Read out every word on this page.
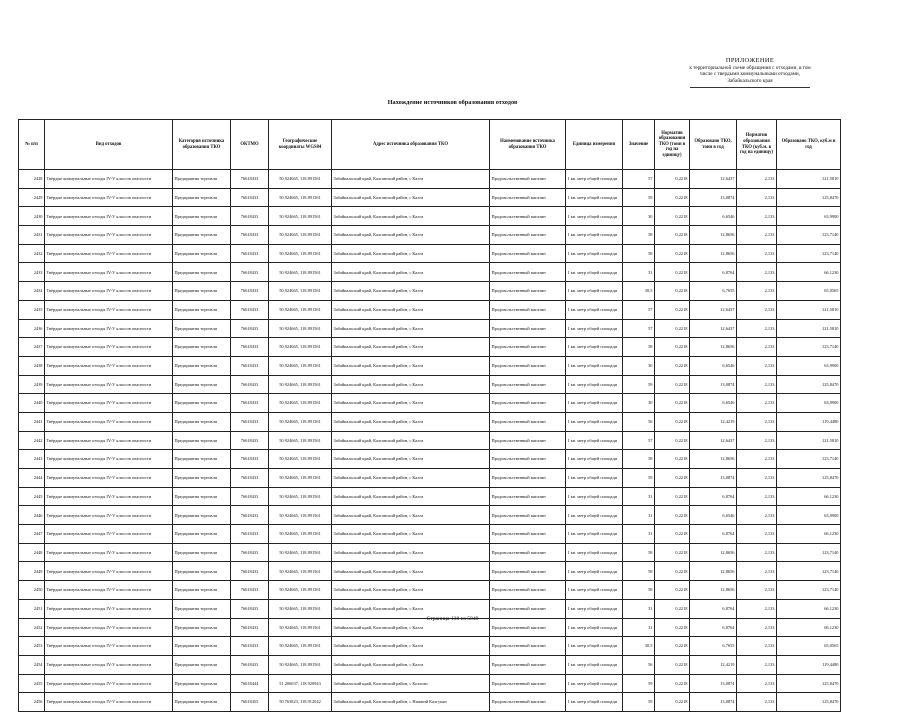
ПРИЛОЖЕНИЕ
к территориальной схеме обращения с отходами, в том
числе с твердыми коммунальными отходами,
Забайкальского края
Нахождение источников образования отходов
№ п/п	Вид отходов	Категория источника образования ТКО	ОКТМО	Географические координаты WGS84	Адрес источника образования ТКО	Наименование источника образования ТКО	Единица измерения	Значение	Норматив образования ТКО (тонн в год на единицу)	Образовано ТКО, тонн в год	Норматив образования ТКО (куб.м. в год на единицу)	Образовано ТКО, куб.м в год
2428	Твёрдые коммунальные отходы IV-V классов опасности	Предприятия торговли	76618433	50.924665, 118.891561	Забайкальский край, Калганский район, с Калга	Продовольственный магазин	1 кв. метр общей площади	57	0,2218	12,6437	2,133	121,5810
2429	Твёрдые коммунальные отходы IV-V классов опасности	Предприятия торговли	76618433	50.924665, 118.891561	Забайкальский край, Калганский район, с Калга	Продовольственный магазин	1 кв. метр общей площади	59	0,2218	13,0874	2,133	125,8470
2430	Твёрдые коммунальные отходы IV-V классов опасности	Предприятия торговли	76618433	50.924665, 118.891561	Забайкальский край, Калганский район, с Калга	Продовольственный магазин	1 кв. метр общей площади	30	0,2218	6,6546	2,133	63,9900
2431	Твёрдые коммунальные отходы IV-V классов опасности	Предприятия торговли	76618433	50.924665, 118.891561	Забайкальский край, Калганский район, с Калга	Продовольственный магазин	1 кв. метр общей площади	58	0,2218	12,8656	2,133	123,7140
2432	Твёрдые коммунальные отходы IV-V классов опасности	Предприятия торговли	76618433	50.924665, 118.891561	Забайкальский край, Калганский район, с Калга	Продовольственный магазин	1 кв. метр общей площади	58	0,2218	12,8656	2,133	123,7140
2433	Твёрдые коммунальные отходы IV-V классов опасности	Предприятия торговли	76618433	50.924665, 118.891561	Забайкальский край, Калганский район, с Калга	Продовольственный магазин	1 кв. метр общей площади	31	0,2218	6,8764	2,133	66,1230
2434	Твёрдые коммунальные отходы IV-V классов опасности	Предприятия торговли	76618433	50.924665, 118.891561	Забайкальский край, Калганский район, с Калга	Продовольственный магазин	1 кв. метр общей площади	30,5	0,2218	6,7655	2,133	65,0565
2435	Твёрдые коммунальные отходы IV-V классов опасности	Предприятия торговли	76618433	50.924665, 118.891561	Забайкальский край, Калганский район, с Калга	Продовольственный магазин	1 кв. метр общей площади	57	0,2218	12,6437	2,133	121,5810
2436	Твёрдые коммунальные отходы IV-V классов опасности	Предприятия торговли	76618433	50.924665, 118.891561	Забайкальский край, Калганский район, с Калга	Продовольственный магазин	1 кв. метр общей площади	57	0,2218	12,6437	2,133	121,5810
2437	Твёрдые коммунальные отходы IV-V классов опасности	Предприятия торговли	76618433	50.924665, 118.891561	Забайкальский край, Калганский район, с Калга	Продовольственный магазин	1 кв. метр общей площади	58	0,2218	12,8656	2,133	123,7140
2438	Твёрдые коммунальные отходы IV-V классов опасности	Предприятия торговли	76618433	50.924665, 118.891561	Забайкальский край, Калганский район, с Калга	Продовольственный магазин	1 кв. метр общей площади	30	0,2218	6,6546	2,133	63,9900
2439	Твёрдые коммунальные отходы IV-V классов опасности	Предприятия торговли	76618433	50.924665, 118.891561	Забайкальский край, Калганский район, с Калга	Продовольственный магазин	1 кв. метр общей площади	59	0,2218	13,0874	2,133	125,8470
2440	Твёрдые коммунальные отходы IV-V классов опасности	Предприятия торговли	76618433	50.924665, 118.891561	Забайкальский край, Калганский район, с Калга	Продовольственный магазин	1 кв. метр общей площади	30	0,2218	6,6546	2,133	63,9900
2441	Твёрдые коммунальные отходы IV-V классов опасности	Предприятия торговли	76618433	50.924665, 118.891561	Забайкальский край, Калганский район, с Калга	Продовольственный магазин	1 кв. метр общей площади	56	0,2218	12,4219	2,133	119,4480
2442	Твёрдые коммунальные отходы IV-V классов опасности	Предприятия торговли	76618433	50.924665, 118.891561	Забайкальский край, Калганский район, с Калга	Продовольственный магазин	1 кв. метр общей площади	57	0,2218	12,6437	2,133	121,5810
2443	Твёрдые коммунальные отходы IV-V классов опасности	Предприятия торговли	76618433	50.924665, 118.891561	Забайкальский край, Калганский район, с Калга	Продовольственный магазин	1 кв. метр общей площади	58	0,2218	12,8656	2,133	123,7140
2444	Твёрдые коммунальные отходы IV-V классов опасности	Предприятия торговли	76618433	50.924665, 118.891561	Забайкальский край, Калганский район, с Калга	Продовольственный магазин	1 кв. метр общей площади	59	0,2218	13,0874	2,133	125,8470
2445	Твёрдые коммунальные отходы IV-V классов опасности	Предприятия торговли	76618433	50.924665, 118.891561	Забайкальский край, Калганский район, с Калга	Продовольственный магазин	1 кв. метр общей площади	31	0,2218	6,8764	2,133	66,1230
2446	Твёрдые коммунальные отходы IV-V классов опасности	Предприятия торговли	76618433	50.924665, 118.891561	Забайкальский край, Калганский район, с Калга	Продовольственный магазин	1 кв. метр общей площади	31	0,2218	6,6546	2,133	63,9900
2447	Твёрдые коммунальные отходы IV-V классов опасности	Предприятия торговли	76618433	50.924665, 118.891561	Забайкальский край, Калганский район, с Калга	Продовольственный магазин	1 кв. метр общей площади	31	0,2218	6,8764	2,133	66,1230
2448	Твёрдые коммунальные отходы IV-V классов опасности	Предприятия торговли	76618433	50.924665, 118.891561	Забайкальский край, Калганский район, с Калга	Продовольственный магазин	1 кв. метр общей площади	58	0,2218	12,8656	2,133	123,7140
2449	Твёрдые коммунальные отходы IV-V классов опасности	Предприятия торговли	76618433	50.924665, 118.891561	Забайкальский край, Калганский район, с Калга	Продовольственный магазин	1 кв. метр общей площади	58	0,2218	12,8656	2,133	123,7140
2450	Твёрдые коммунальные отходы IV-V классов опасности	Предприятия торговли	76618433	50.924665, 118.891561	Забайкальский край, Калганский район, с Калга	Продовольственный магазин	1 кв. метр общей площади	58	0,2218	12,8656	2,133	123,7140
2451	Твёрдые коммунальные отходы IV-V классов опасности	Предприятия торговли	76618433	50.924665, 118.891561	Забайкальский край, Калганский район, с Калга	Продовольственный магазин	1 кв. метр общей площади	31	0,2218	6,8764	2,133	66,1230
2452	Твёрдые коммунальные отходы IV-V классов опасности	Предприятия торговли	76618433	50.924665, 118.891561	Забайкальский край, Калганский район, с Калга	Продовольственный магазин	1 кв. метр общей площади	31	0,2218	6,8764	2,133	66,1230
2453	Твёрдые коммунальные отходы IV-V классов опасности	Предприятия торговли	76618433	50.924665, 118.891561	Забайкальский край, Калганский район, с Калга	Продовольственный магазин	1 кв. метр общей площади	30,5	0,2218	6,7655	2,133	65,0565
2454	Твёрдые коммунальные отходы IV-V классов опасности	Предприятия торговли	76618433	50.924665, 118.891561	Забайкальский край, Калганский район, с Калга	Продовольственный магазин	1 кв. метр общей площади	56	0,2218	12,4219	2,133	119,4480
2455	Твёрдые коммунальные отходы IV-V классов опасности	Предприятия торговли	76618444	51.206037, 118.920943	Забайкальский край, Калганский район, с Козлово	Продовольственный магазин	1 кв. метр общей площади	59	0,2218	13,0874	2,133	125,8470
2456	Твёрдые коммунальные отходы IV-V классов опасности	Предприятия торговли	76618455	50.763823, 118.912042	Забайкальский край, Калганский район, с Нижний Калгукан	Продовольственный магазин	1 кв. метр общей площади	59	0,2218	13,0874	2,133	125,8470
Страница 138 из 5049
